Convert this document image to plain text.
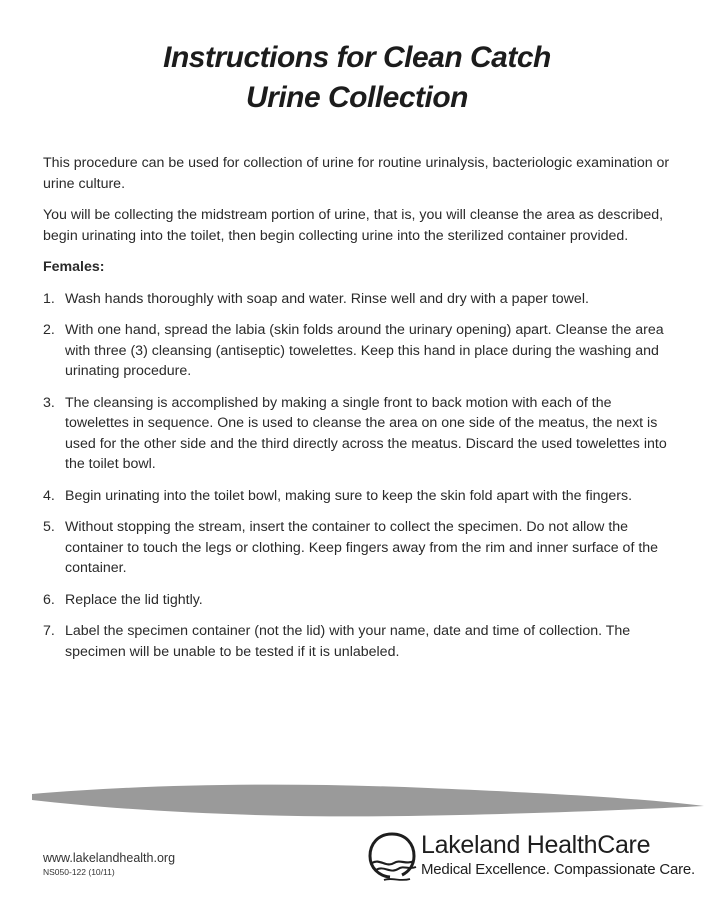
Instructions for Clean Catch
Urine Collection

This procedure can be used for collection of urine for routine urinalysis, bacteriologic examination or urine culture.

You will be collecting the midstream portion of urine, that is, you will cleanse the area as described, begin urinating into the toilet, then begin collecting urine into the sterilized container provided.

Females:

1. Wash hands thoroughly with soap and water. Rinse well and dry with a paper towel.
2. With one hand, spread the labia (skin folds around the urinary opening) apart. Cleanse the area with three (3) cleansing (antiseptic) towelettes. Keep this hand in place during the washing and urinating procedure.
3. The cleansing is accomplished by making a single front to back motion with each of the towelettes in sequence. One is used to cleanse the area on one side of the meatus, the next is used for the other side and the third directly across the meatus. Discard the used towelettes into the toilet bowl.
4. Begin urinating into the toilet bowl, making sure to keep the skin fold apart with the fingers.
5. Without stopping the stream, insert the container to collect the specimen. Do not allow the container to touch the legs or clothing. Keep fingers away from the rim and inner surface of the container.
6. Replace the lid tightly.
7. Label the specimen container (not the lid) with your name, date and time of collection. The specimen will be unable to be tested if it is unlabeled.
www.lakelandhealth.org
NS050-122 (10/11)
Lakeland HealthCare
Medical Excellence. Compassionate Care.
